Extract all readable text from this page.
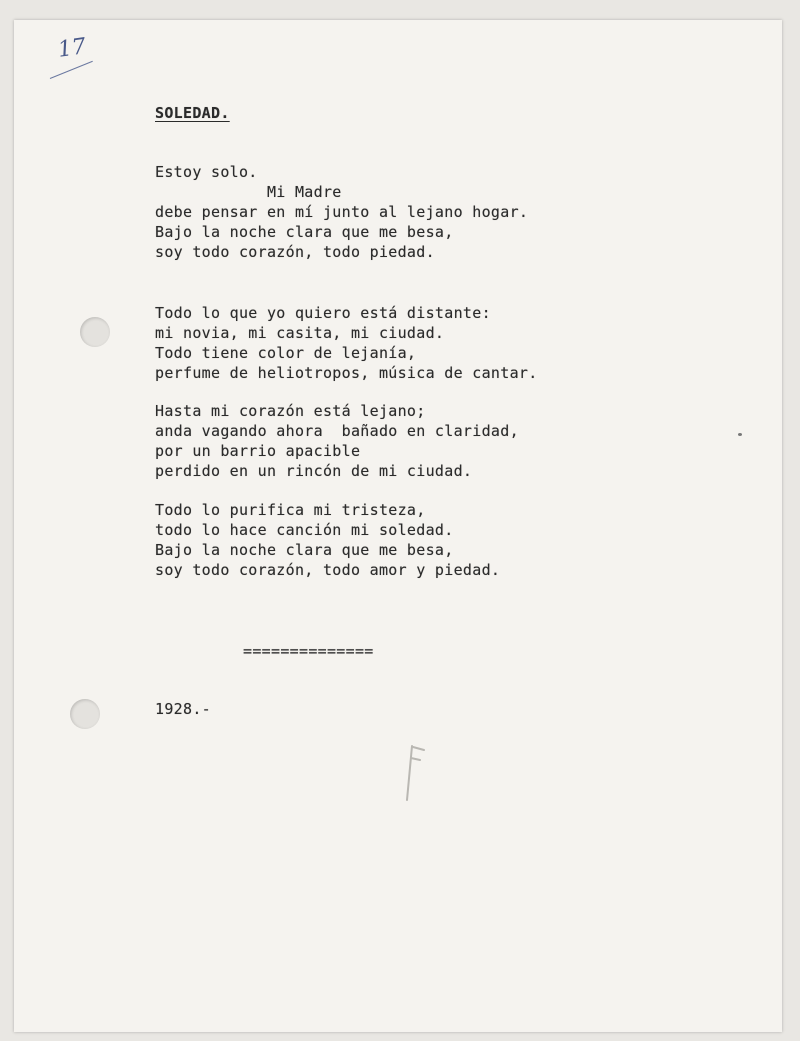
17

SOLEDAD.

Estoy solo.
Mi Madre
debe pensar en mí junto al lejano hogar.
Bajo la noche clara que me besa,
soy todo corazón, todo piedad.
Todo lo que yo quiero está distante:
mi novia, mi casita, mi ciudad.
Todo tiene color de lejanía,
perfume de heliotropos, música de cantar.
Hasta mi corazón está lejano;
anda vagando ahora  bañado en claridad,
por un barrio apacible
perdido en un rincón de mi ciudad.
Todo lo purifica mi tristeza,
todo lo hace canción mi soledad.
Bajo la noche clara que me besa,
soy todo corazón, todo amor y piedad.
==============
1928.-
